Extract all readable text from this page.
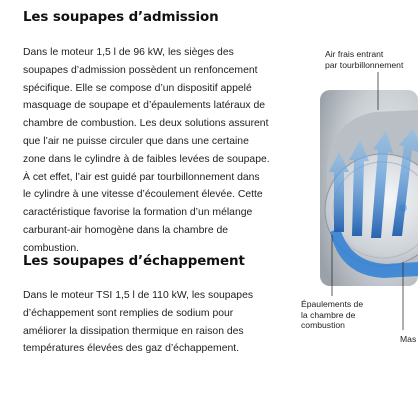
Les soupapes d’admission
Dans le moteur 1,5 l de 96 kW, les sièges des
soupapes d’admission possèdent un renfoncement
spécifique. Elle se compose d’un dispositif appelé
masquage de soupape et d’épaulements latéraux de
chambre de combustion. Les deux solutions assurent
que l’air ne puisse circuler que dans une certaine
zone dans le cylindre à de faibles levées de soupape.
À cet effet, l’air est guidé par tourbillonnement dans
le cylindre à une vitesse d’écoulement élevée. Cette
caractéristique favorise la formation d’un mélange
carburant-air homogène dans la chambre de
combustion.
Les soupapes d’échappement
Dans le moteur TSI 1,5 l de 110 kW, les soupapes
d’échappement sont remplies de sodium pour
améliorer la dissipation thermique en raison des
températures élevées des gaz d’échappement.
Air frais entrant
par tourbillonnement
Épaulements de
la chambre de
combustion
Mas
